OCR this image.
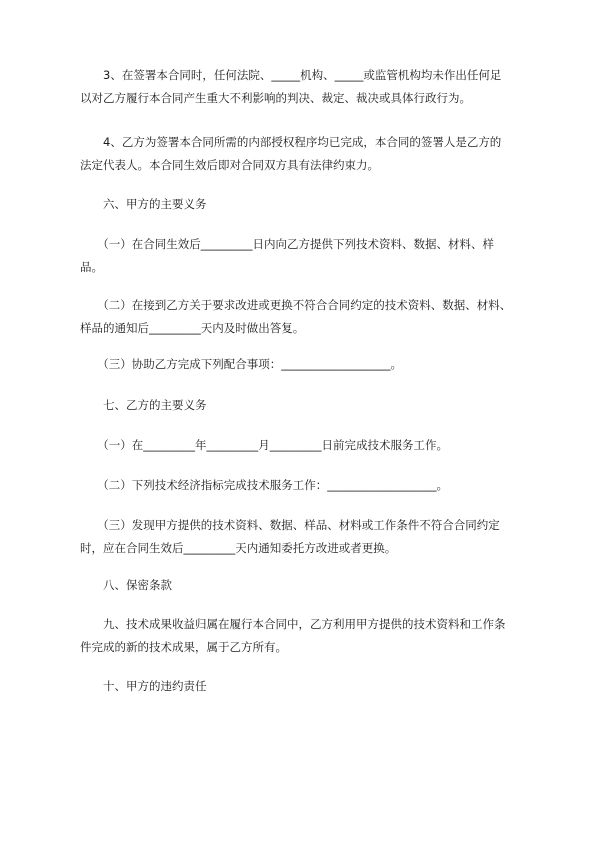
　　3、在签署本合同时，任何法院、_____机构、_____或监管机构均未作出任何足
以对乙方履行本合同产生重大不利影响的判决、裁定、裁决或具体行政行为。

　　4、乙方为签署本合同所需的内部授权程序均已完成，本合同的签署人是乙方的
法定代表人。本合同生效后即对合同双方具有法律约束力。

　　六、甲方的主要义务

　　（一）在合同生效后_________日内向乙方提供下列技术资料、数据、材料、样
品。

　　（二）在接到乙方关于要求改进或更换不符合合同约定的技术资料、数据、材料、
样品的通知后_________天内及时做出答复。

　　（三）协助乙方完成下列配合事项：___________________。

　　七、乙方的主要义务

　　（一）在_________年_________月_________日前完成技术服务工作。

　　（二）下列技术经济指标完成技术服务工作：___________________。

　　（三）发现甲方提供的技术资料、数据、样品、材料或工作条件不符合合同约定
时，应在合同生效后_________天内通知委托方改进或者更换。

　　八、保密条款

　　九、技术成果收益归属在履行本合同中，乙方利用甲方提供的技术资料和工作条
件完成的新的技术成果，属于乙方所有。

　　十、甲方的违约责任
